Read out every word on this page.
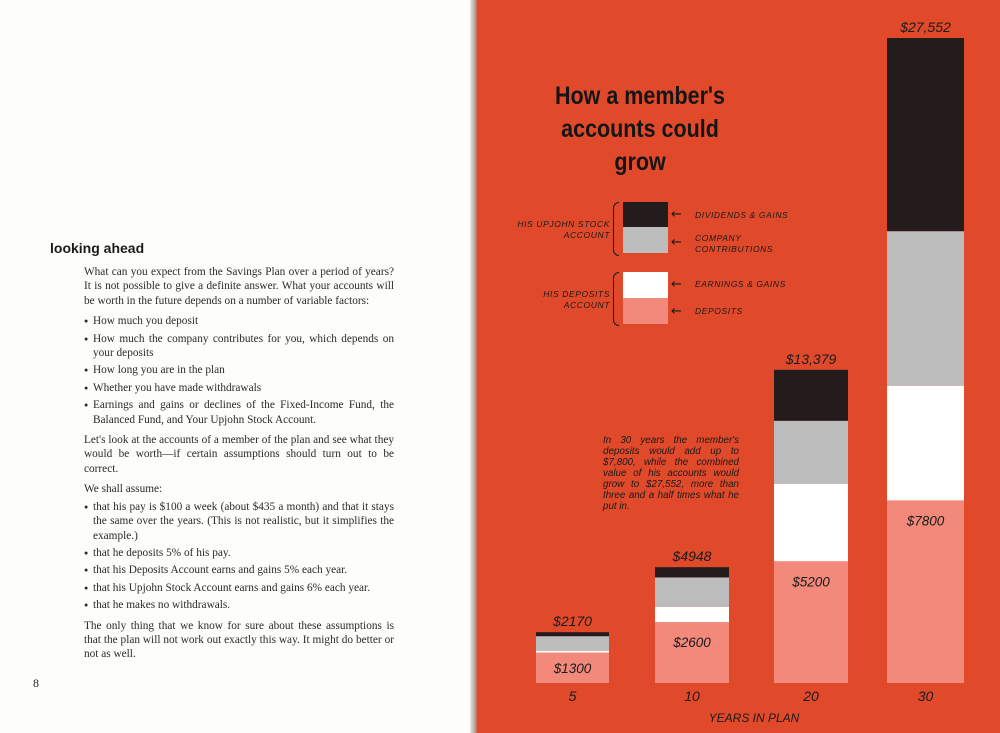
looking ahead

What can you expect from the Savings Plan over a period of years? It is not possible to give a definite answer. What your accounts will be worth in the future depends on a number of variable factors:

● How much you deposit
● How much the company contributes for you, which depends on your deposits
● How long you are in the plan
● Whether you have made withdrawals
● Earnings and gains or declines of the Fixed-Income Fund, the Balanced Fund, and Your Upjohn Stock Account.

Let's look at the accounts of a member of the plan and see what they would be worth—if certain assumptions should turn out to be correct.

We shall assume:

● that his pay is $100 a week (about $435 a month) and that it stays the same over the years. (This is not realistic, but it simplifies the example.)
● that he deposits 5% of his pay.
● that his Deposits Account earns and gains 5% each year.
● that his Upjohn Stock Account earns and gains 6% each year.
● that he makes no withdrawals.

The only thing that we know for sure about these assumptions is that the plan will not work out exactly this way. It might do better or not as well.

8
$2170
$1300
5
$4948
$2600
10
$13,379
$5200
20
$27,552
$7800
30
YEARS IN PLAN
How a member's accounts could grow
HIS UPJOHN STOCK ACCOUNT
←
←
DIVIDENDS & GAINS
COMPANY CONTRIBUTIONS
HIS DEPOSITS ACCOUNT
←
←
EARNINGS & GAINS
DEPOSITS
In 30 years the member's deposits would add up to $7,800, while the combined value of his accounts would grow to $27,552, more than three and a half times what he put in.
